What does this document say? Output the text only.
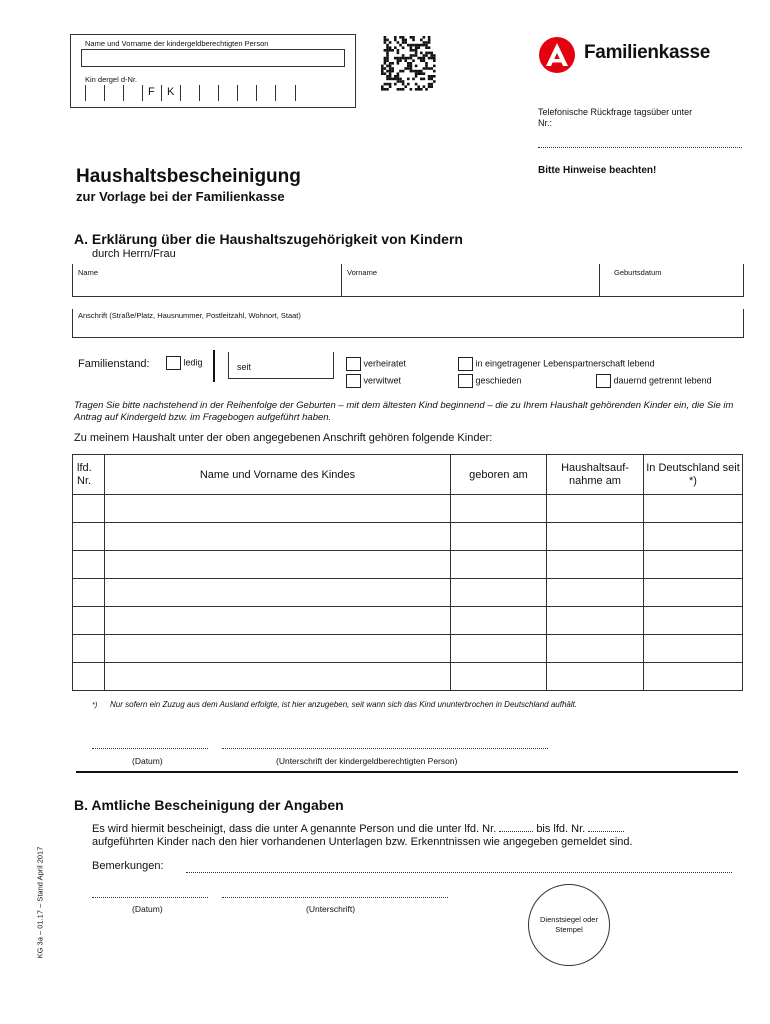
Name und Vorname der kindergeldberechtigten Person
Kin dergel d-Nr.
F K
Familienkasse
Telefonische Rückfrage tagsüber unter Nr.:
Bitte Hinweise beachten!
Haushaltsbescheinigung
zur Vorlage bei der Familienkasse
A. Erklärung über die Haushaltszugehörigkeit von Kindern
durch Herrn/Frau
Name	Vorname	Geburtsdatum
Anschrift (Straße/Platz, Hausnummer, Postleitzahl, Wohnort, Staat)
Familienstand:	ledig	seit	verheiratet
verwitwet
in eingetragener Lebenspartnerschaft lebend
geschieden	dauernd getrennt lebend
Tragen Sie bitte nachstehend in der Reihenfolge der Geburten – mit dem ältesten Kind beginnend – die zu Ihrem Haushalt gehörenden Kinder ein, die Sie im Antrag auf Kindergeld bzw. im Fragebogen aufgeführt haben.
Zu meinem Haushalt unter der oben angegebenen Anschrift gehören folgende Kinder:
lfd. Nr.	Name und Vorname des Kindes	geboren am	Haushaltsauf-nahme am	In Deutschland seit *)

*) Nur sofern ein Zuzug aus dem Ausland erfolgte, ist hier anzugeben, seit wann sich das Kind ununterbrochen in Deutschland aufhält.
(Datum)	(Unterschrift der kindergeldberechtigten Person)
B. Amtliche Bescheinigung der Angaben
Es wird hiermit bescheinigt, dass die unter A genannte Person und die unter lfd. Nr.	bis lfd. Nr.
aufgeführten Kinder nach den hier vorhandenen Unterlagen bzw. Erkenntnissen wie angegeben gemeldet sind.
Bemerkungen:
(Datum)	(Unterschrift)
Dienstsiegel oder Stempel
KG 3a – 01.17 – Stand April 2017
